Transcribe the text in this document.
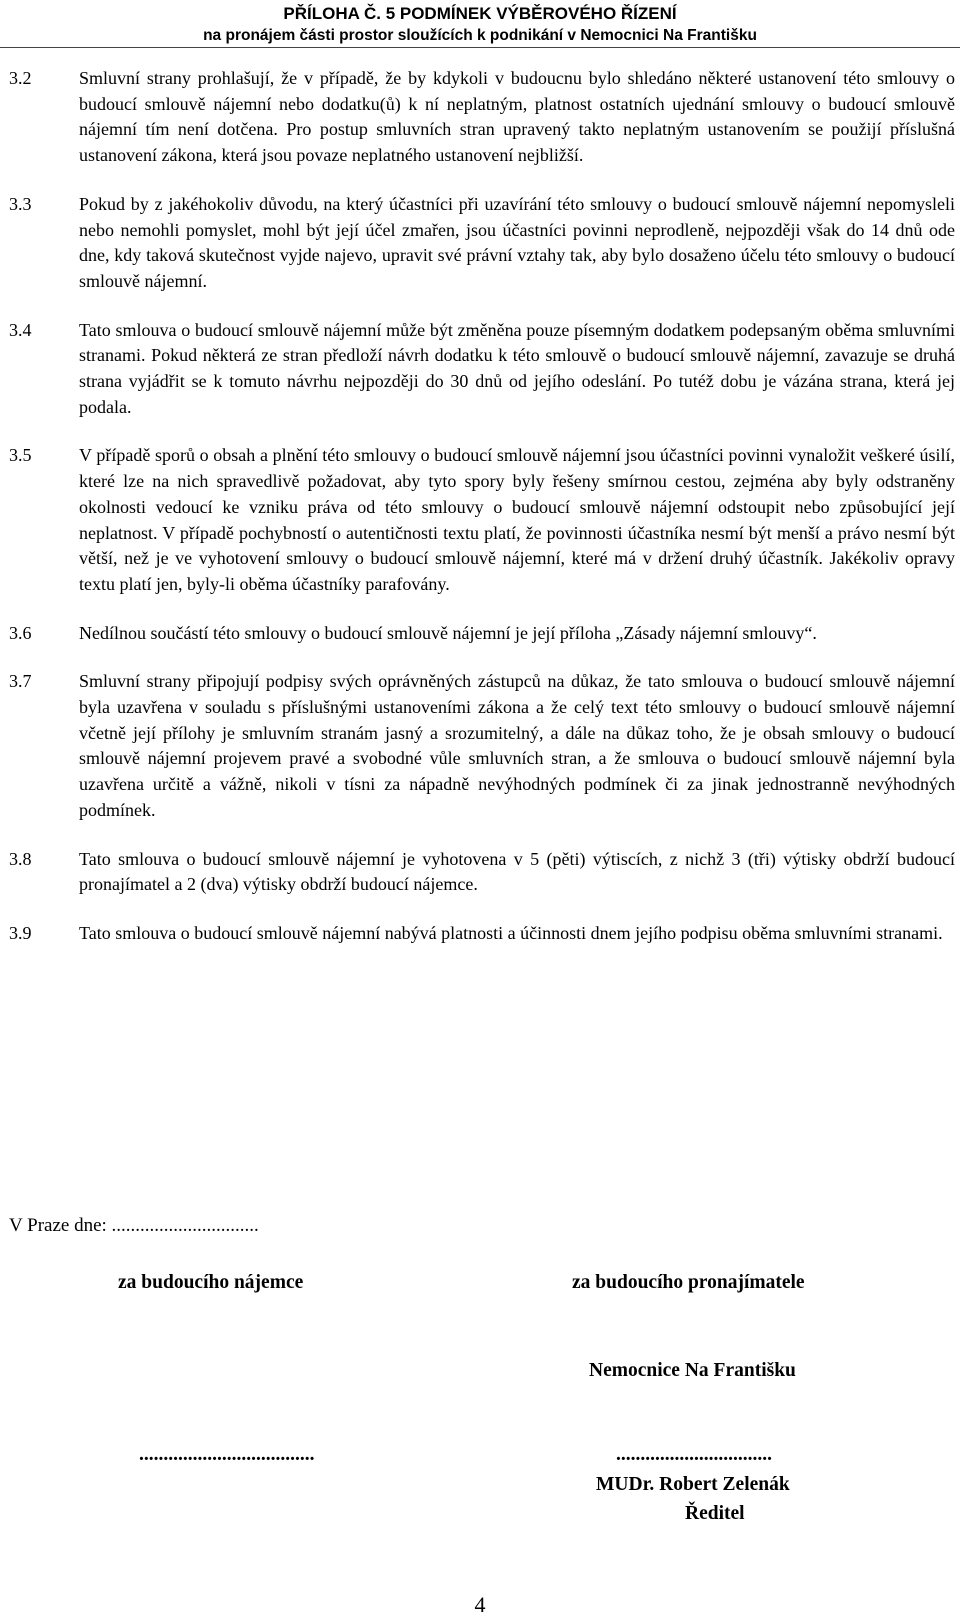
PŘÍLOHA Č. 5 PODMÍNEK VÝBĚROVÉHO ŘÍZENÍ
na pronájem části prostor sloužících k podnikání v Nemocnici Na Františku
3.2	Smluvní strany prohlašují, že v případě, že by kdykoli v budoucnu bylo shledáno některé ustanovení této smlouvy o budoucí smlouvě nájemní nebo dodatku(ů) k ní neplatným, platnost ostatních ujednání smlouvy o budoucí smlouvě nájemní tím není dotčena. Pro postup smluvních stran upravený takto neplatným ustanovením se použijí příslušná ustanovení zákona, která jsou povaze neplatného ustanovení nejbližší.
3.3	Pokud by z jakéhokoliv důvodu, na který účastníci při uzavírání této smlouvy o budoucí smlouvě nájemní nepomysleli nebo nemohli pomyslet, mohl být její účel zmařen, jsou účastníci povinni neprodleně, nejpozději však do 14 dnů ode dne, kdy taková skutečnost vyjde najevo, upravit své právní vztahy tak, aby bylo dosaženo účelu této smlouvy o budoucí smlouvě nájemní.
3.4	Tato smlouva o budoucí smlouvě nájemní může být změněna pouze písemným dodatkem podepsaným oběma smluvními stranami. Pokud některá ze stran předloží návrh dodatku k této smlouvě o budoucí smlouvě nájemní, zavazuje se druhá strana vyjádřit se k tomuto návrhu nejpozději do 30 dnů od jejího odeslání. Po tutéž dobu je vázána strana, která jej podala.
3.5	V případě sporů o obsah a plnění této smlouvy o budoucí smlouvě nájemní jsou účastníci povinni vynaložit veškeré úsilí, které lze na nich spravedlivě požadovat, aby tyto spory byly řešeny smírnou cestou, zejména aby byly odstraněny okolnosti vedoucí ke vzniku práva od této smlouvy o budoucí smlouvě nájemní odstoupit nebo způsobující její neplatnost. V případě pochybností o autentičnosti textu platí, že povinnosti účastníka nesmí být menší a právo nesmí být větší, než je ve vyhotovení smlouvy o budoucí smlouvě nájemní, které má v držení druhý účastník. Jakékoliv opravy textu platí jen, byly-li oběma účastníky parafovány.
3.6	Nedílnou součástí této smlouvy o budoucí smlouvě nájemní je její příloha „Zásady nájemní smlouvy“.
3.7	Smluvní strany připojují podpisy svých oprávněných zástupců na důkaz, že tato smlouva o budoucí smlouvě nájemní byla uzavřena v souladu s příslušnými ustanoveními zákona a že celý text této smlouvy o budoucí smlouvě nájemní včetně její přílohy je smluvním stranám jasný a srozumitelný, a dále na důkaz toho, že je obsah smlouvy o budoucí smlouvě nájemní projevem pravé a svobodné vůle smluvních stran, a že smlouva o budoucí smlouvě nájemní byla uzavřena určitě a vážně, nikoli v tísni za nápadně nevýhodných podmínek či za jinak jednostranně nevýhodných podmínek.
3.8	Tato smlouva o budoucí smlouvě nájemní je vyhotovena v 5 (pěti) výtiscích, z nichž 3 (tři) výtisky obdrží budoucí pronajímatel a 2 (dva) výtisky obdrží budoucí nájemce.
3.9	Tato smlouva o budoucí smlouvě nájemní nabývá platnosti a účinnosti dnem jejího podpisu oběma smluvními stranami.
V Praze dne: ...............................
za budoucího nájemce	za budoucího pronajímatele
Nemocnice Na Františku
....................................	................................
MUDr. Robert Zelenák
Ředitel
4
